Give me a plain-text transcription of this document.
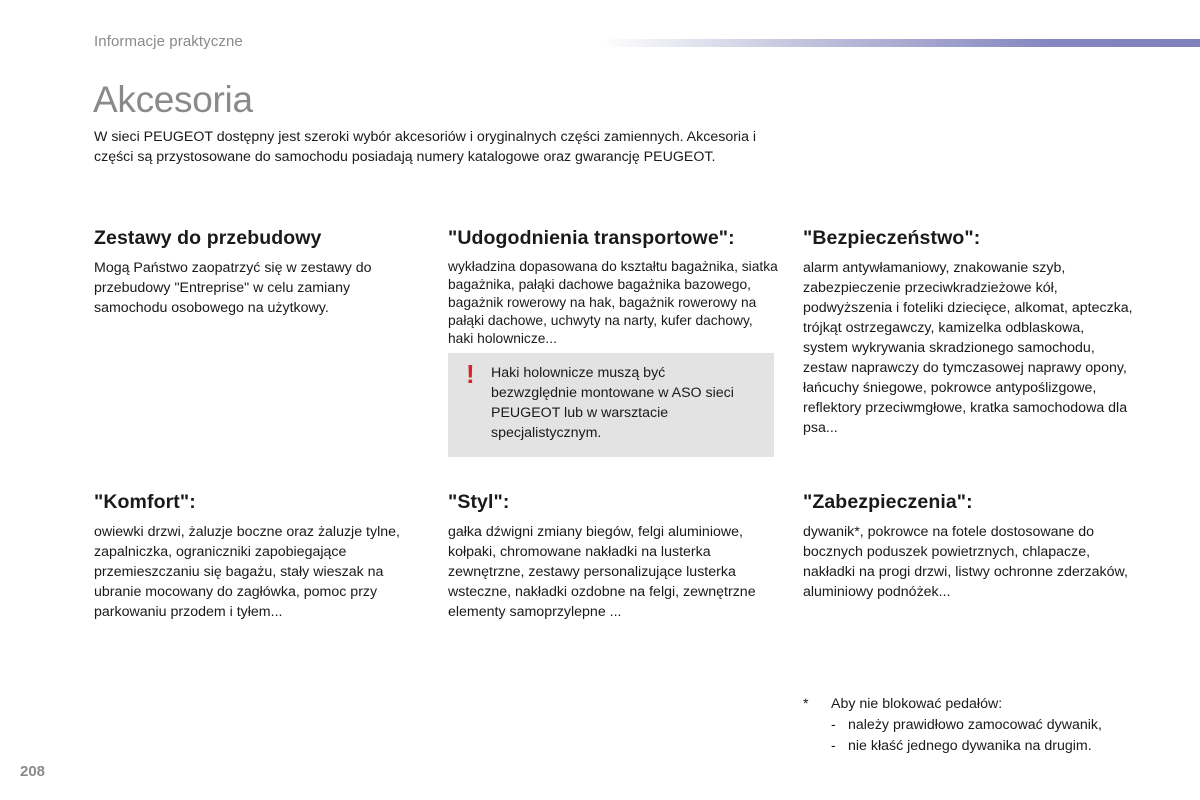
Informacje praktyczne
Akcesoria

W sieci PEUGEOT dostępny jest szeroki wybór akcesoriów i oryginalnych części zamiennych. Akcesoria i części są przystosowane do samochodu posiadają numery katalogowe oraz gwarancję PEUGEOT.

Zestawy do przebudowy

Mogą Państwo zaopatrzyć się w zestawy do przebudowy "Entreprise" w celu zamiany samochodu osobowego na użytkowy.

"Udogodnienia transportowe":

wykładzina dopasowana do kształtu bagażnika, siatka bagażnika, pałąki dachowe bagażnika bazowego, bagażnik rowerowy na hak, bagażnik rowerowy na pałąki dachowe, uchwyty na narty, kufer dachowy, haki holownicze...

! Haki holownicze muszą być bezwzględnie montowane w ASO sieci PEUGEOT lub w warsztacie specjalistycznym.
"Bezpieczeństwo":

alarm antywłamaniowy, znakowanie szyb, zabezpieczenie przeciwkradzieżowe kół, podwyższenia i foteliki dziecięce, alkomat, apteczka, trójkąt ostrzegawczy, kamizelka odblaskowa, system wykrywania skradzionego samochodu, zestaw naprawczy do tymczasowej naprawy opony, łańcuchy śniegowe, pokrowce antypoślizgowe, reflektory przeciwmgłowe, kratka samochodowa dla psa...

"Komfort":

owiewki drzwi, żaluzje boczne oraz żaluzje tylne, zapalniczka, ograniczniki zapobiegające przemieszczaniu się bagażu, stały wieszak na ubranie mocowany do zagłówka, pomoc przy parkowaniu przodem i tyłem...

"Styl":

gałka dźwigni zmiany biegów, felgi aluminiowe, kołpaki, chromowane nakładki na lusterka zewnętrzne, zestawy personalizujące lusterka wsteczne, nakładki ozdobne na felgi, zewnętrzne elementy samoprzylepne ...

"Zabezpieczenia":

dywanik*, pokrowce na fotele dostosowane do bocznych poduszek powietrznych, chlapacze, nakładki na progi drzwi, listwy ochronne zderzaków, aluminiowy podnóżek...

* Aby nie blokować pedałów:
- należy prawidłowo zamocować dywanik,
- nie kłaść jednego dywanika na drugim.
208
